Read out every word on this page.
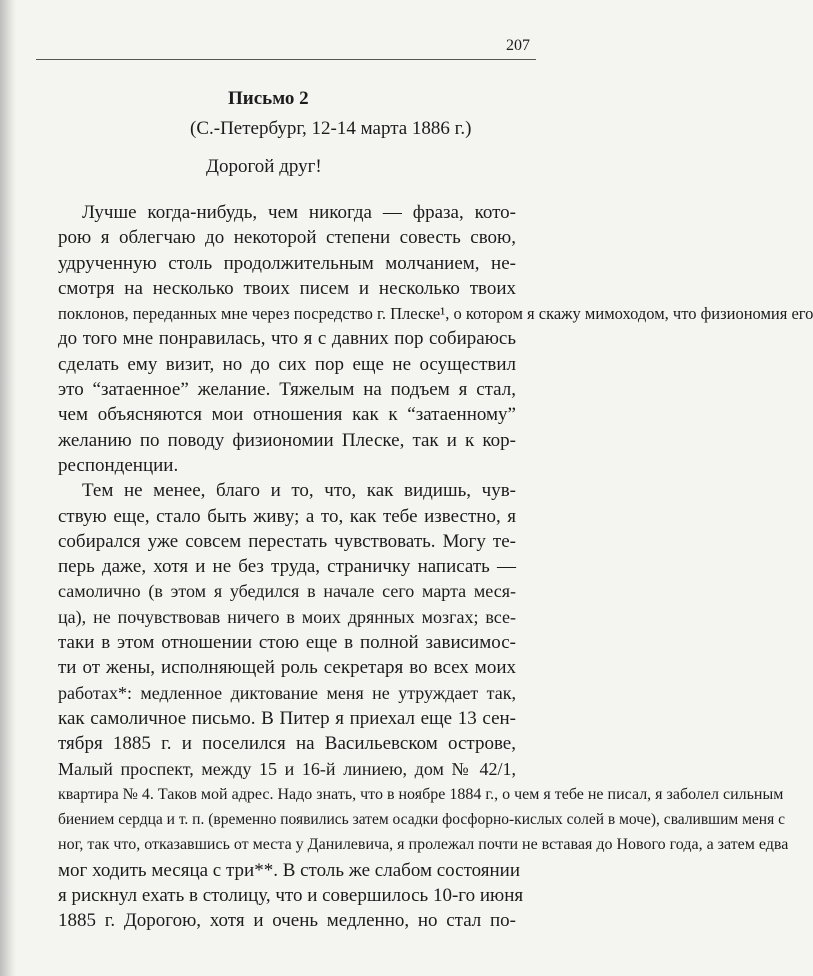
207
Письмо 2
(С.-Петербург, 12-14 марта 1886 г.)
Дорогой друг!
Лучше когда-нибудь, чем никогда — фраза, кото-
рою я облегчаю до некоторой степени совесть свою,
удрученную столь продолжительным молчанием, не-
смотря на несколько твоих писем и несколько твоих
поклонов, переданных мне через посредство г. Плеске¹, о котором я скажу мимоходом, что физиономия его
до того мне понравилась, что я с давних пор собираюсь
сделать ему визит, но до сих пор еще не осуществил
это “затаенное” желание. Тяжелым на подъем я стал,
чем объясняются мои отношения как к “затаенному”
желанию по поводу физиономии Плеске, так и к кор-
респонденции.
Тем не менее, благо и то, что, как видишь, чув-
ствую еще, стало быть живу; а то, как тебе известно, я
собирался уже совсем перестать чувствовать. Могу те-
перь даже, хотя и не без труда, страничку написать —
самолично (в этом я убедился в начале сего марта меся-
ца), не почувствовав ничего в моих дрянных мозгах; все-
таки в этом отношении стою еще в полной зависимос-
ти от жены, исполняющей роль секретаря во всех моих
работах*: медленное диктование меня не утруждает так,
как самоличное письмо. В Питер я приехал еще 13 сен-
тября 1885 г. и поселился на Васильевском острове,
Малый проспект, между 15 и 16-й линиею, дом № 42/1,
квартира № 4. Таков мой адрес. Надо знать, что в ноябре 1884 г., о чем я тебе не писал, я заболел сильным
биением сердца и т. п. (временно появились затем осадки фосфорно-кислых солей в моче), свалившим меня с
ног, так что, отказавшись от места у Данилевича, я пролежал почти не вставая до Нового года, а затем едва
мог ходить месяца с три**. В столь же слабом состоянии
я рискнул ехать в столицу, что и совершилось 10-го июня
1885 г. Дорогою, хотя и очень медленно, но стал по-
